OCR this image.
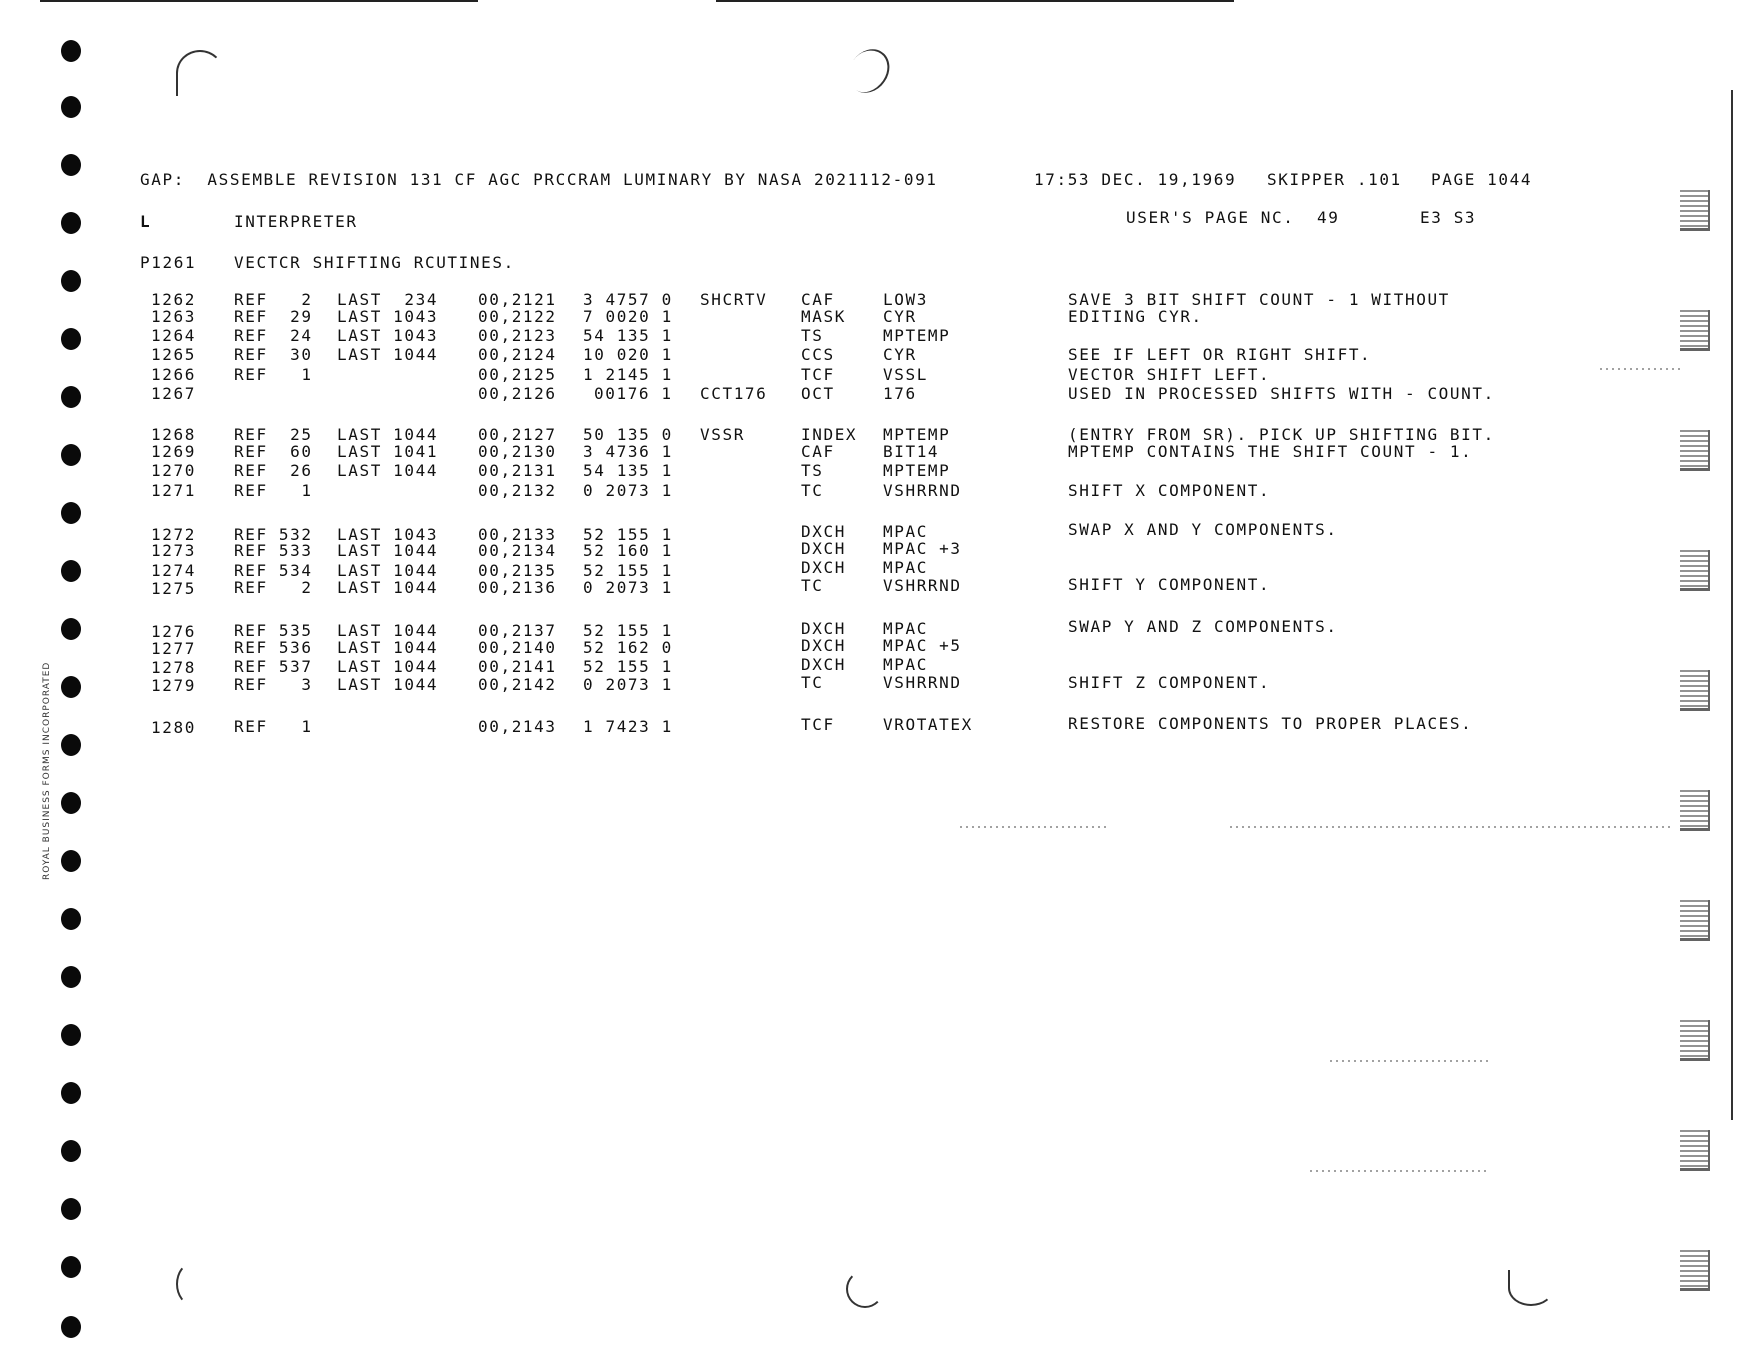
ROYAL BUSINESS FORMS INCORPORATED
GAP:  ASSEMBLE REVISION 131 CF AGC PRCCRAM LUMINARY BY NASA 2021112-091	17:53 DEC. 19,1969 SKIPPER .101 PAGE 1044
L	INTERPRETER	USER'S PAGE NC.  49	E3 S3
P1261 VECTCR SHIFTING RCUTINES.
1262 REF   2 LAST  234 00,2121 3 4757 0 SHCRTV CAF	LOW3	SAVE 3 BIT SHIFT COUNT - 1 WITHOUT
1263 REF  29 LAST 1043 00,2122 7 0020 1	MASK CYR	EDITING CYR.
1264 REF  24 LAST 1043 00,2123 54 135 1	TS	MPTEMP
1265 REF  30 LAST 1044 00,2124 10 020 1	CCS	CYR	SEE IF LEFT OR RIGHT SHIFT.
1266 REF   1	00,2125 1 2145 1	TCF	VSSL	VECTOR SHIFT LEFT.
1267	00,2126 00176 1 CCT176 OCT	176	USED IN PROCESSED SHIFTS WITH - COUNT.
1268 REF  25 LAST 1044 00,2127 50 135 0 VSSR	INDEX MPTEMP	(ENTRY FROM SR). PICK UP SHIFTING BIT.
1269 REF  60 LAST 1041 00,2130 3 4736 1	CAF	BIT14	MPTEMP CONTAINS THE SHIFT COUNT - 1.
1270 REF  26 LAST 1044 00,2131 54 135 1	TS	MPTEMP
1271 REF   1	00,2132 0 2073 1	TC	VSHRRND	SHIFT X COMPONENT.
1272 REF 532 LAST 1043 00,2133 52 155 1	DXCH MPAC	SWAP X AND Y COMPONENTS.
1273 REF 533 LAST 1044 00,2134 52 160 1	DXCH MPAC +3
1274 REF 534 LAST 1044 00,2135 52 155 1	DXCH MPAC
1275 REF   2 LAST 1044 00,2136 0 2073 1	TC	VSHRRND	SHIFT Y COMPONENT.
1276 REF 535 LAST 1044 00,2137 52 155 1	DXCH MPAC	SWAP Y AND Z COMPONENTS.
1277 REF 536 LAST 1044 00,2140 52 162 0	DXCH MPAC +5
1278 REF 537 LAST 1044 00,2141 52 155 1	DXCH MPAC
1279 REF   3 LAST 1044 00,2142 0 2073 1	TC	VSHRRND	SHIFT Z COMPONENT.
1280 REF   1	00,2143 1 7423 1	TCF	VROTATEX	RESTORE COMPONENTS TO PROPER PLACES.
